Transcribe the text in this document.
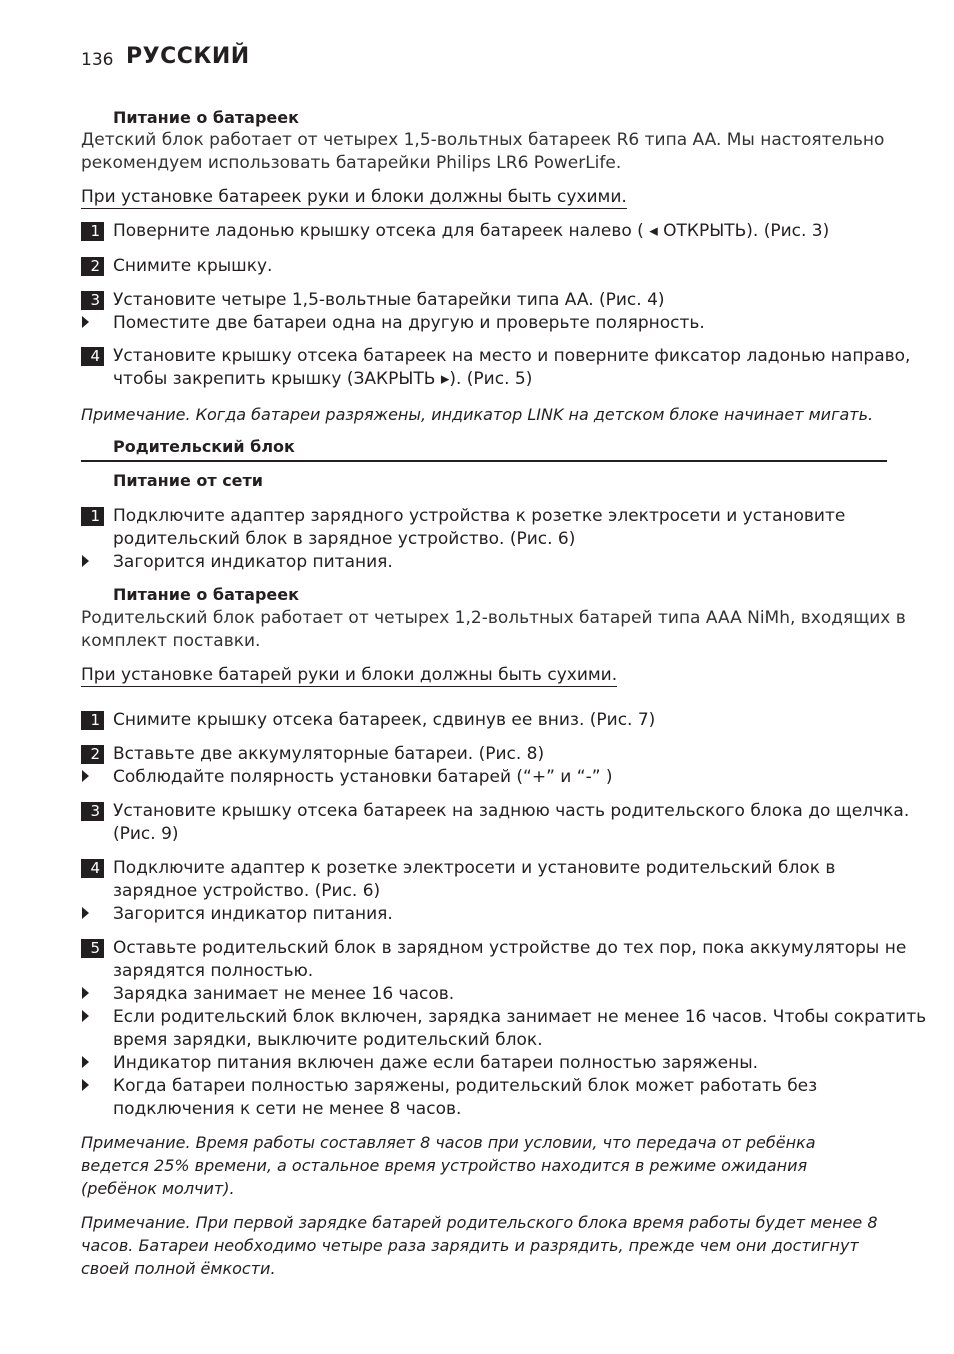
136 РУССКИЙ
Питание о батареек
Детский блок работает от четырех 1,5-вольтных батареек R6 типа AA. Мы настоятельно
рекомендуем использовать батарейки Philips LR6 PowerLife.
При установке батареек руки и блоки должны быть сухими.
1 Поверните ладонью крышку отсека для батареек налево ( ◂ ОТКРЫТЬ). (Рис. 3)
2 Снимите крышку.
3 Установите четыре 1,5-вольтные батарейки типа AA. (Рис. 4)
Поместите две батареи одна на другую и проверьте полярность.
4 Установите крышку отсека батареек на место и поверните фиксатор ладонью направо,
чтобы закрепить крышку (ЗАКРЫТЬ ▸). (Рис. 5)
Примечание. Когда батареи разряжены, индикатор LINK на детском блоке начинает мигать.
Родительский блок
Питание от сети
1 Подключите адаптер зарядного устройства к розетке электросети и установите
родительский блок в зарядное устройство. (Рис. 6)
Загорится индикатор питания.
Питание о батареек
Родительский блок работает от четырех 1,2-вольтных батарей типа AAA NiMh, входящих в
комплект поставки.
При установке батарей руки и блоки должны быть сухими.
1 Снимите крышку отсека батареек, сдвинув ее вниз. (Рис. 7)
2 Вставьте две аккумуляторные батареи. (Рис. 8)
Соблюдайте полярность установки батарей (“+” и “-” )
3 Установите крышку отсека батареек на заднюю часть родительского блока до щелчка.
(Рис. 9)
4 Подключите адаптер к розетке электросети и установите родительский блок в
зарядное устройство. (Рис. 6)
Загорится индикатор питания.
5 Оставьте родительский блок в зарядном устройстве до тех пор, пока аккумуляторы не
зарядятся полностью.
Зарядка занимает не менее 16 часов.
Если родительский блок включен, зарядка занимает не менее 16 часов. Чтобы сократить
время зарядки, выключите родительский блок.
Индикатор питания включен даже если батареи полностью заряжены.
Когда батареи полностью заряжены, родительский блок может работать без
подключения к сети не менее 8 часов.
Примечание. Время работы составляет 8 часов при условии, что передача от ребёнка
ведется 25% времени, а остальное время устройство находится в режиме ожидания
(ребёнок молчит).
Примечание. При первой зарядке батарей родительского блока время работы будет менее 8
часов. Батареи необходимо четыре раза зарядить и разрядить, прежде чем они достигнут
своей полной ёмкости.
